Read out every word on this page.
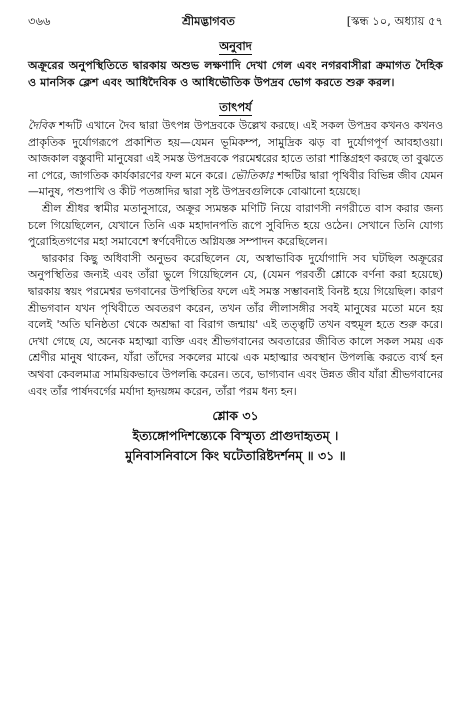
৩৬৬	শ্রীমদ্ভাগবত	[স্কন্ধ ১০, অধ্যায় ৫৭
অনুবাদ

অক্রূরের অনুপস্থিতিতে দ্বারকায় অশুভ লক্ষণাদি দেখা গেল এবং নগরবাসীরা ক্রমাগত দৈহিক ও মানসিক ক্লেশ এবং আধিদৈবিক ও আধিভৌতিক উপদ্রব ভোগ করতে শুরু করল।

তাৎপর্য

দৈবিক শব্দটি এখানে দৈব দ্বারা উৎপন্ন উপদ্রবকে উল্লেখ করছে। এই সকল উপদ্রব কখনও কখনও প্রাকৃতিক দুর্যোগরূপে প্রকাশিত হয়—যেমন ভূমিকম্প, সামুদ্রিক ঝড় বা দুর্যোগপূর্ণ আবহাওয়া। আজকাল বস্তুবাদী মানুষেরা এই সমস্ত উপদ্রবকে পরমেশ্বরের হাতে তারা শাস্তিগ্রহণ করছে তা বুঝতে না পেরে, জাগতিক কার্যকারণের ফল মনে করে। ভৌতিকাঃ শব্দটির দ্বারা পৃথিবীর বিভিন্ন জীব যেমন—মানুষ, পশুপাখি ও কীট পতঙ্গাদির দ্বারা সৃষ্ট উপদ্রবগুলিকে বোঝানো হয়েছে।

শ্রীল শ্রীধর স্বামীর মতানুসারে, অক্রূর স্যমন্তক মণিটি নিয়ে বারাণসী নগরীতে বাস করার জন্য চলে গিয়েছিলেন, যেখানে তিনি এক মহাদানপতি রূপে সুবিদিত হয়ে ওঠেন। সেখানে তিনি যোগ্য পুরোহিতগণের মহা সমাবেশে স্বর্ণবেদীতে অগ্নিযজ্ঞ সম্পাদন করেছিলেন।

দ্বারকার কিছু অধিবাসী অনুভব করেছিলেন যে, অস্বাভাবিক দুর্যোগাদি সব ঘটছিল অক্রূরের অনুপস্থিতির জন্যই এবং তাঁরা ভুলে গিয়েছিলেন যে, (যেমন পরবর্তী শ্লোকে বর্ণনা করা হয়েছে) দ্বারকায় স্বয়ং পরমেশ্বর ভগবানের উপস্থিতির ফলে এই সমস্ত সম্ভাবনাই বিনষ্ট হয়ে গিয়েছিল। কারণ শ্রীভগবান যখন পৃথিবীতে অবতরণ করেন, তখন তাঁর লীলাসঙ্গীর সবই মানুষের মতো মনে হয় বলেই 'অতি ঘনিষ্ঠতা থেকে অশ্রদ্ধা বা বিরাগ জন্মায়' এই তত্ত্বটি তখন বহুমূল হতে শুরু করে। দেখা গেছে যে, অনেক মহাত্মা ব্যক্তি এবং শ্রীভগবানের অবতারের জীবিত কালে সকল সময় এক শ্রেণীর মানুষ থাকেন, যাঁরা তাঁদের সকলের মাঝে এক মহাত্মার অবস্থান উপলব্ধি করতে ব্যর্থ হন অথবা কেবলমাত্র সাময়িকভাবে উপলব্ধি করেন। তবে, ভাগ্যবান এবং উন্নত জীব যাঁরা শ্রীভগবানের এবং তাঁর পার্ষদবর্গের মর্যাদা হৃদয়ঙ্গম করেন, তাঁরা পরম ধন্য হন।

শ্লোক ৩১

ইত্যঙ্গোপদিশন্ত্যেকে বিস্মৃত্য প্রাগুদাহৃতম্ ।

মুনিবাসনিবাসে কিং ঘটেতারিষ্টদর্শনম্ ॥ ৩১ ॥
